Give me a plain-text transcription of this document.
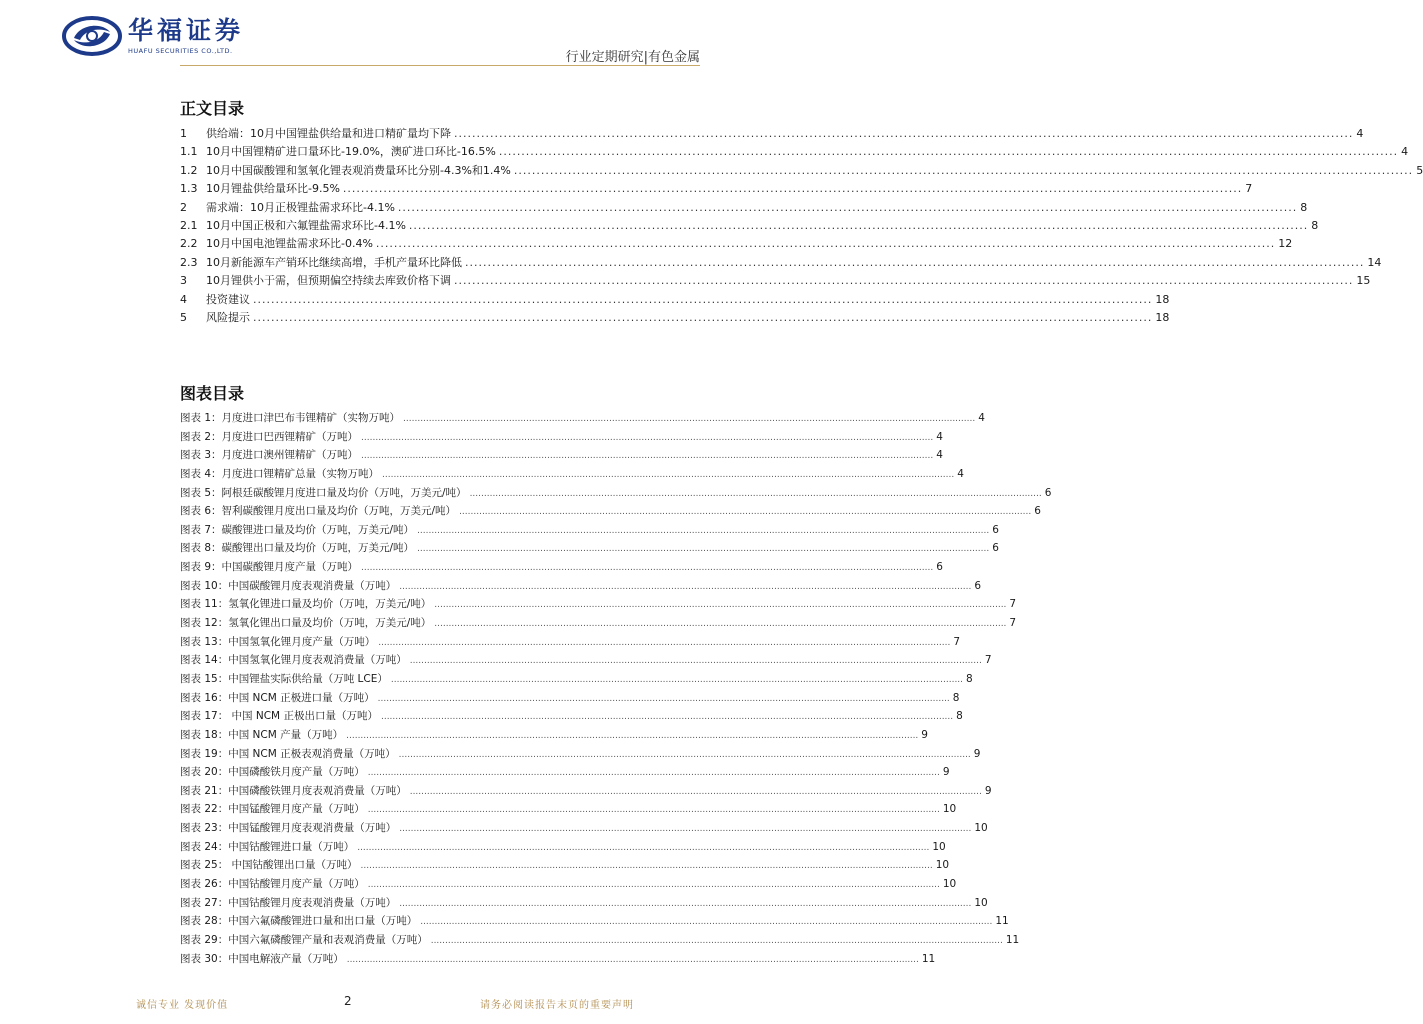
华福证券
HUAFU SECURITIES CO.,LTD.	行业定期研究|有色金属
正文目录
1	供给端：10月中国锂盐供给量和进口精矿量均下降 ........................................................................................................................................................................................................ 4
1.1 10月中国锂精矿进口量环比-19.0%，澳矿进口环比-16.5% ........................................................................................................................................................................................................ 4
1.2 10月中国碳酸锂和氢氧化锂表观消费量环比分别-4.3%和1.4% ........................................................................................................................................................................................................ 5
1.3 10月锂盐供给量环比-9.5% ........................................................................................................................................................................................................ 7
2	需求端：10月正极锂盐需求环比-4.1% ........................................................................................................................................................................................................ 8
2.1 10月中国正极和六氟锂盐需求环比-4.1% ........................................................................................................................................................................................................ 8
2.2 10月中国电池锂盐需求环比-0.4% ........................................................................................................................................................................................................ 12
2.3 10月新能源车产销环比继续高增，手机产量环比降低 ........................................................................................................................................................................................................ 14
3	10月锂供小于需，但预期偏空持续去库致价格下调 ........................................................................................................................................................................................................ 15
4	投资建议 ........................................................................................................................................................................................................ 18
5	风险提示 ........................................................................................................................................................................................................ 18
图表目录
图表 1：月度进口津巴布韦锂精矿（实物万吨） ........................................................................................................................................................................................................ 4
图表 2：月度进口巴西锂精矿（万吨） ........................................................................................................................................................................................................ 4
图表 3：月度进口澳州锂精矿（万吨） ........................................................................................................................................................................................................ 4
图表 4：月度进口锂精矿总量（实物万吨） ........................................................................................................................................................................................................ 4
图表 5：阿根廷碳酸锂月度进口量及均价（万吨，万美元/吨） ........................................................................................................................................................................................................ 6
图表 6：智利碳酸锂月度出口量及均价（万吨，万美元/吨） ........................................................................................................................................................................................................ 6
图表 7：碳酸锂进口量及均价（万吨，万美元/吨） ........................................................................................................................................................................................................ 6
图表 8：碳酸锂出口量及均价（万吨，万美元/吨） ........................................................................................................................................................................................................ 6
图表 9：中国碳酸锂月度产量（万吨） ........................................................................................................................................................................................................ 6
图表 10：中国碳酸锂月度表观消费量（万吨） ........................................................................................................................................................................................................ 6
图表 11：氢氧化锂进口量及均价（万吨，万美元/吨） ........................................................................................................................................................................................................ 7
图表 12：氢氧化锂出口量及均价（万吨，万美元/吨） ........................................................................................................................................................................................................ 7
图表 13：中国氢氧化锂月度产量（万吨） ........................................................................................................................................................................................................ 7
图表 14：中国氢氧化锂月度表观消费量（万吨） ........................................................................................................................................................................................................ 7
图表 15：中国锂盐实际供给量（万吨 LCE） ........................................................................................................................................................................................................ 8
图表 16：中国 NCM 正极进口量（万吨） ........................................................................................................................................................................................................ 8
图表 17： 中国 NCM 正极出口量（万吨） ........................................................................................................................................................................................................ 8
图表 18：中国 NCM 产量（万吨） ........................................................................................................................................................................................................ 9
图表 19：中国 NCM 正极表观消费量（万吨） ........................................................................................................................................................................................................ 9
图表 20：中国磷酸铁月度产量（万吨） ........................................................................................................................................................................................................ 9
图表 21：中国磷酸铁锂月度表观消费量（万吨） ........................................................................................................................................................................................................ 9
图表 22：中国锰酸锂月度产量（万吨） ........................................................................................................................................................................................................ 10
图表 23：中国锰酸锂月度表观消费量（万吨） ........................................................................................................................................................................................................ 10
图表 24：中国钴酸锂进口量（万吨） ........................................................................................................................................................................................................ 10
图表 25： 中国钴酸锂出口量（万吨） ........................................................................................................................................................................................................ 10
图表 26：中国钴酸锂月度产量（万吨） ........................................................................................................................................................................................................ 10
图表 27：中国钴酸锂月度表观消费量（万吨） ........................................................................................................................................................................................................ 10
图表 28：中国六氟磷酸锂进口量和出口量（万吨） ........................................................................................................................................................................................................ 11
图表 29：中国六氟磷酸锂产量和表观消费量（万吨） ........................................................................................................................................................................................................ 11
图表 30：中国电解液产量（万吨） ........................................................................................................................................................................................................ 11
诚信专业 发现价值	2	请务必阅读报告末页的重要声明
